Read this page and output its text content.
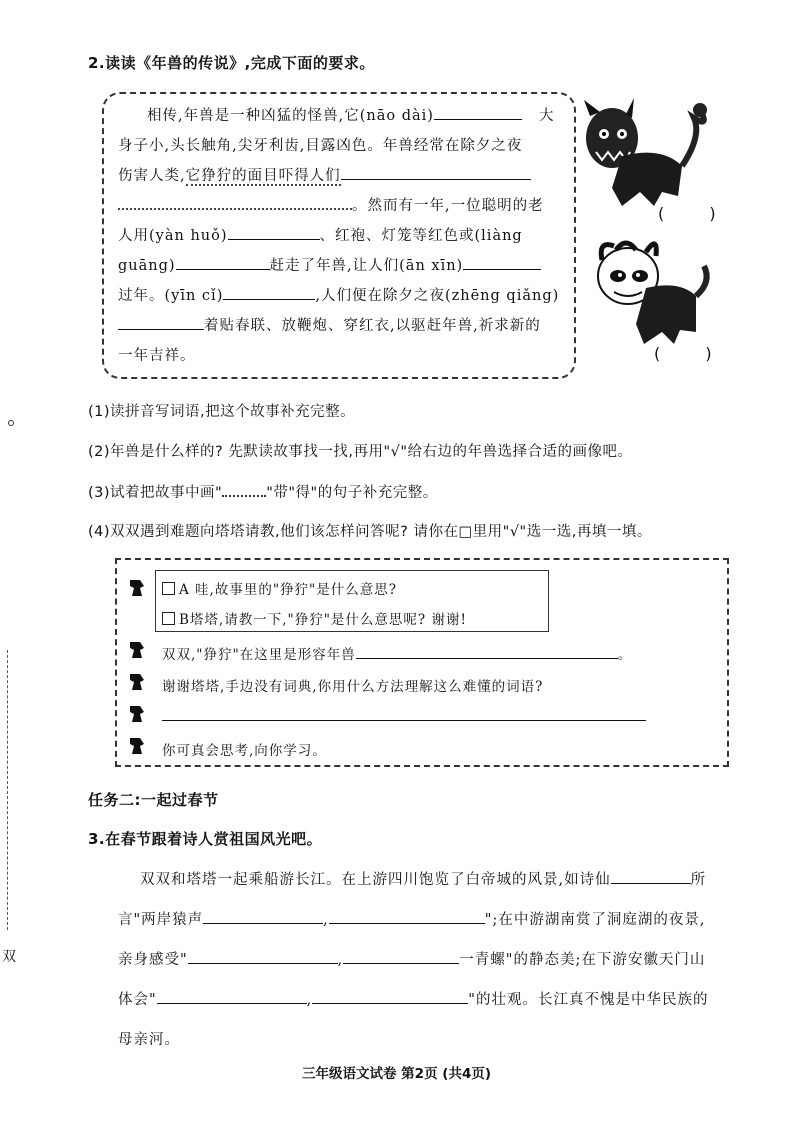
2.读读《年兽的传说》,完成下面的要求。
相传,年兽是一种凶猛的怪兽,它(nāo dài)	大
身子小,头长触角,尖牙利齿,目露凶色。年兽经常在除夕之夜
伤害人类,它狰狞的面目吓得人们
。然而有一年,一位聪明的老
人用(yàn huǒ)	、红袍、灯笼等红色或(liàng
guāng)	赶走了年兽,让人们(ān xīn)
过年。(yīn cǐ)	,人们便在除夕之夜(zhēng qiǎng)
着贴春联、放鞭炮、穿红衣,以驱赶年兽,祈求新的
一年吉祥。
( )
( )
(1)读拼音写词语,把这个故事补充完整。
(2)年兽是什么样的? 先默读故事找一找,再用"√"给右边的年兽选择合适的画像吧。
(3)试着把故事中画"	"带"得"的句子补充完整。
(4)双双遇到难题向塔塔请教,他们该怎样问答呢? 请你在□里用"√"选一选,再填一填。
A 哇,故事里的"狰狞"是什么意思?
B塔塔,请教一下,"狰狞"是什么意思呢? 谢谢!
双双,"狰狞"在这里是形容年兽	。
谢谢塔塔,手边没有词典,你用什么方法理解这么难懂的词语?
你可真会思考,向你学习。
任务二:一起过春节
3.在春节跟着诗人赏祖国风光吧。
双双和塔塔一起乘船游长江。在上游四川饱览了白帝城的风景,如诗仙	所
言"两岸猿声	,	";在中游湖南赏了洞庭湖的夜景,
亲身感受"	,	一青螺"的静态美;在下游安徽天门山
体会"	,	"的壮观。长江真不愧是中华民族的
母亲河。
双
三年级语文试卷 第2页 (共4页)
